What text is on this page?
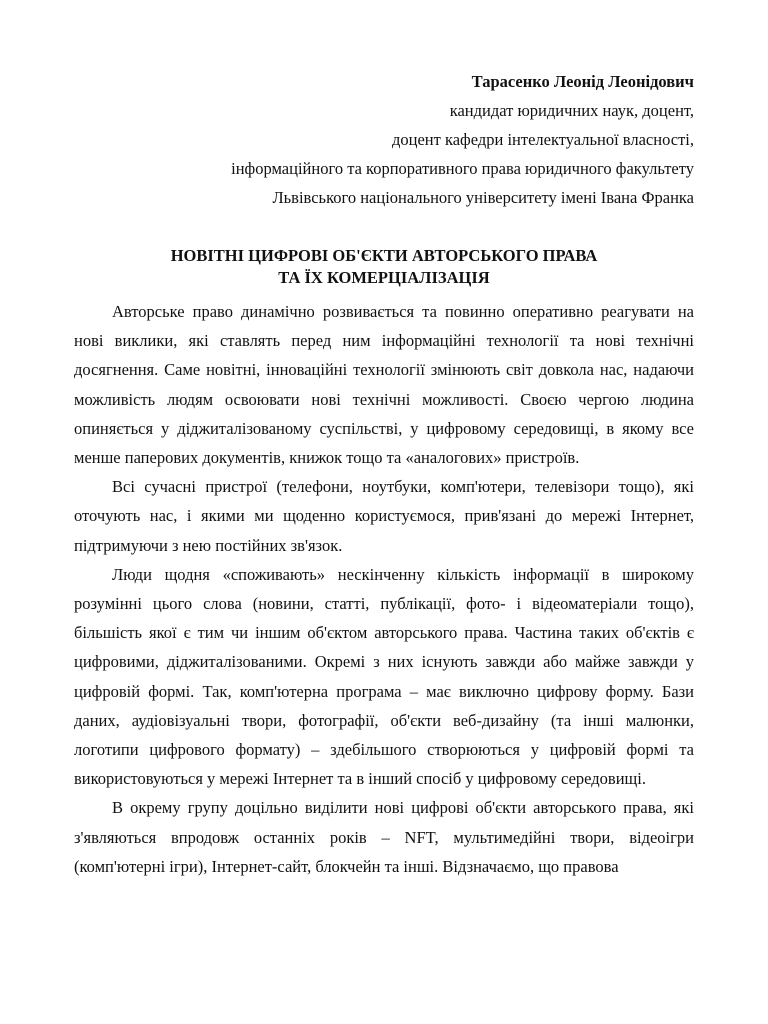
Тарасенко Леонід Леонідович
кандидат юридичних наук, доцент,
доцент кафедри інтелектуальної власності,
інформаційного та корпоративного права юридичного факультету
Львівського національного університету імені Івана Франка
НОВІТНІ ЦИФРОВІ ОБ'ЄКТИ АВТОРСЬКОГО ПРАВА
ТА ЇХ КОМЕРЦІАЛІЗАЦІЯ

Авторське право динамічно розвивається та повинно оперативно реагувати на нові виклики, які ставлять перед ним інформаційні технології та нові технічні досягнення. Саме новітні, інноваційні технології змінюють світ довкола нас, надаючи можливість людям освоювати нові технічні можливості. Своєю чергою людина опиняється у діджиталізованому суспільстві, у цифровому середовищі, в якому все менше паперових документів, книжок тощо та «аналогових» пристроїв.

Всі сучасні пристрої (телефони, ноутбуки, комп'ютери, телевізори тощо), які оточують нас, і якими ми щоденно користуємося, прив'язані до мережі Інтернет, підтримуючи з нею постійних зв'язок.

Люди щодня «споживають» нескінченну кількість інформації в широкому розумінні цього слова (новини, статті, публікації, фото- і відеоматеріали тощо), більшість якої є тим чи іншим об'єктом авторського права. Частина таких об'єктів є цифровими, діджиталізованими. Окремі з них існують завжди або майже завжди у цифровій формі. Так, комп'ютерна програма – має виключно цифрову форму. Бази даних, аудіовізуальні твори, фотографії, об'єкти веб-дизайну (та інші малюнки, логотипи цифрового формату) – здебільшого створюються у цифровій формі та використовуються у мережі Інтернет та в інший спосіб у цифровому середовищі.

В окрему групу доцільно виділити нові цифрові об'єкти авторського права, які з'являються впродовж останніх років – NFT, мультимедійні твори, відеоігри (комп'ютерні ігри), Інтернет-сайт, блокчейн та інші. Відзначаємо, що правова
